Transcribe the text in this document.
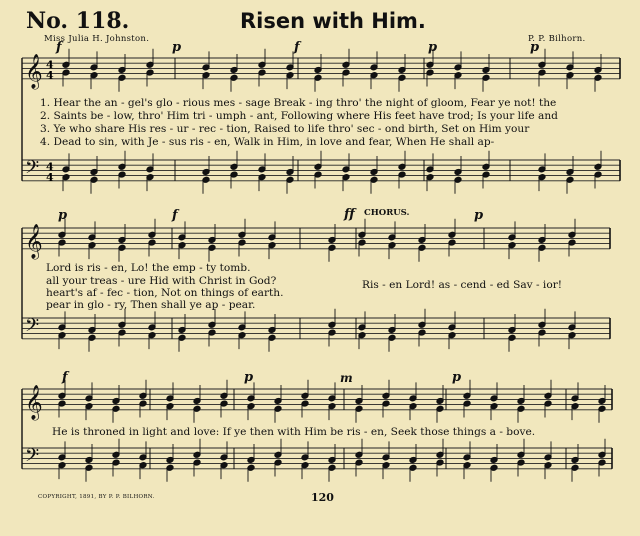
𝄞
𝄢
4
4
4
4
𝄞
𝄢
𝄞
𝄢
No. 118.	Risen with Him.
Miss Julia H. Johnston.	P. P. Bilhorn.
1. Hear the an - gel's glo - rious mes - sage Break - ing thro' the night of gloom, Fear ye not! the
2. Saints be - low, thro' Him tri - umph - ant, Following where His feet have trod; Is your life and
3. Ye who share His res - ur - rec - tion, Raised to life thro' sec - ond birth, Set on Him your
4. Dead to sin, with Je - sus ris - en, Walk in Him, in love and fear, When He shall ap-
Lord is ris - en, Lo! the emp - ty tomb.
all your treas - ure Hid with Christ in God?
heart's af - fec - tion, Not on things of earth.
pear in glo - ry, Then shall ye ap - pear.
CHORUS.
Ris - en Lord! as - cend - ed Sav - ior!
He is throned in light and love: If ye then with Him be ris - en, Seek those things a - bove.
f	p	f	p	p
p	f	ff	p
f	p	m	p
COPYRIGHT, 1891, BY P. P. BILHORN.	120
